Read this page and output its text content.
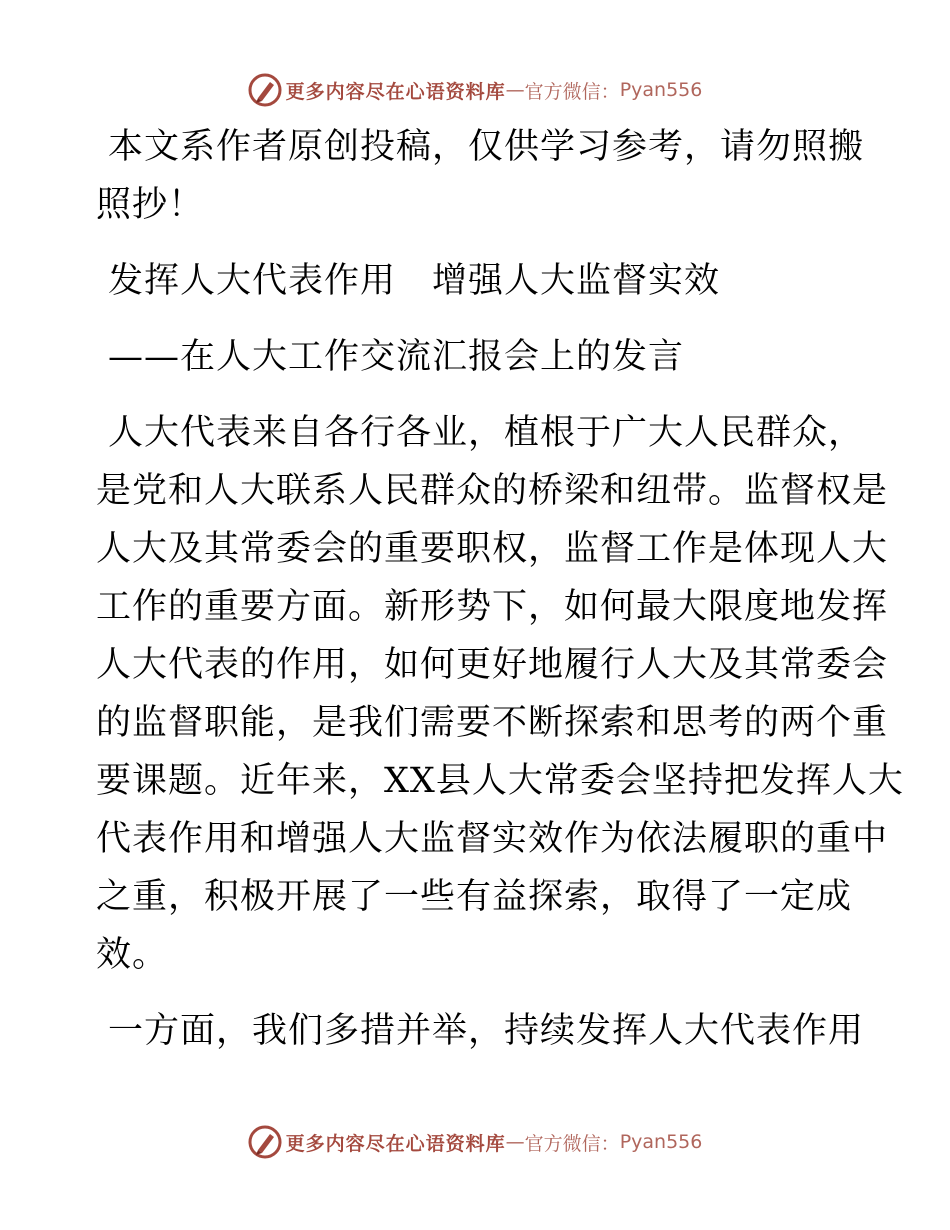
更多内容尽在心语资料库 — 官方微信： Pyan556
本文系作者原创投稿，仅供学习参考，请勿照搬
照抄！
发挥人大代表作用　增强人大监督实效
——在人大工作交流汇报会上的发言
人大代表来自各行各业，植根于广大人民群众，
是党和人大联系人民群众的桥梁和纽带。监督权是
人大及其常委会的重要职权，监督工作是体现人大
工作的重要方面。新形势下，如何最大限度地发挥
人大代表的作用，如何更好地履行人大及其常委会
的监督职能，是我们需要不断探索和思考的两个重
要课题。近年来，XX县人大常委会坚持把发挥人大
代表作用和增强人大监督实效作为依法履职的重中
之重，积极开展了一些有益探索，取得了一定成
效。
一方面，我们多措并举，持续发挥人大代表作用
更多内容尽在心语资料库 — 官方微信： Pyan556
